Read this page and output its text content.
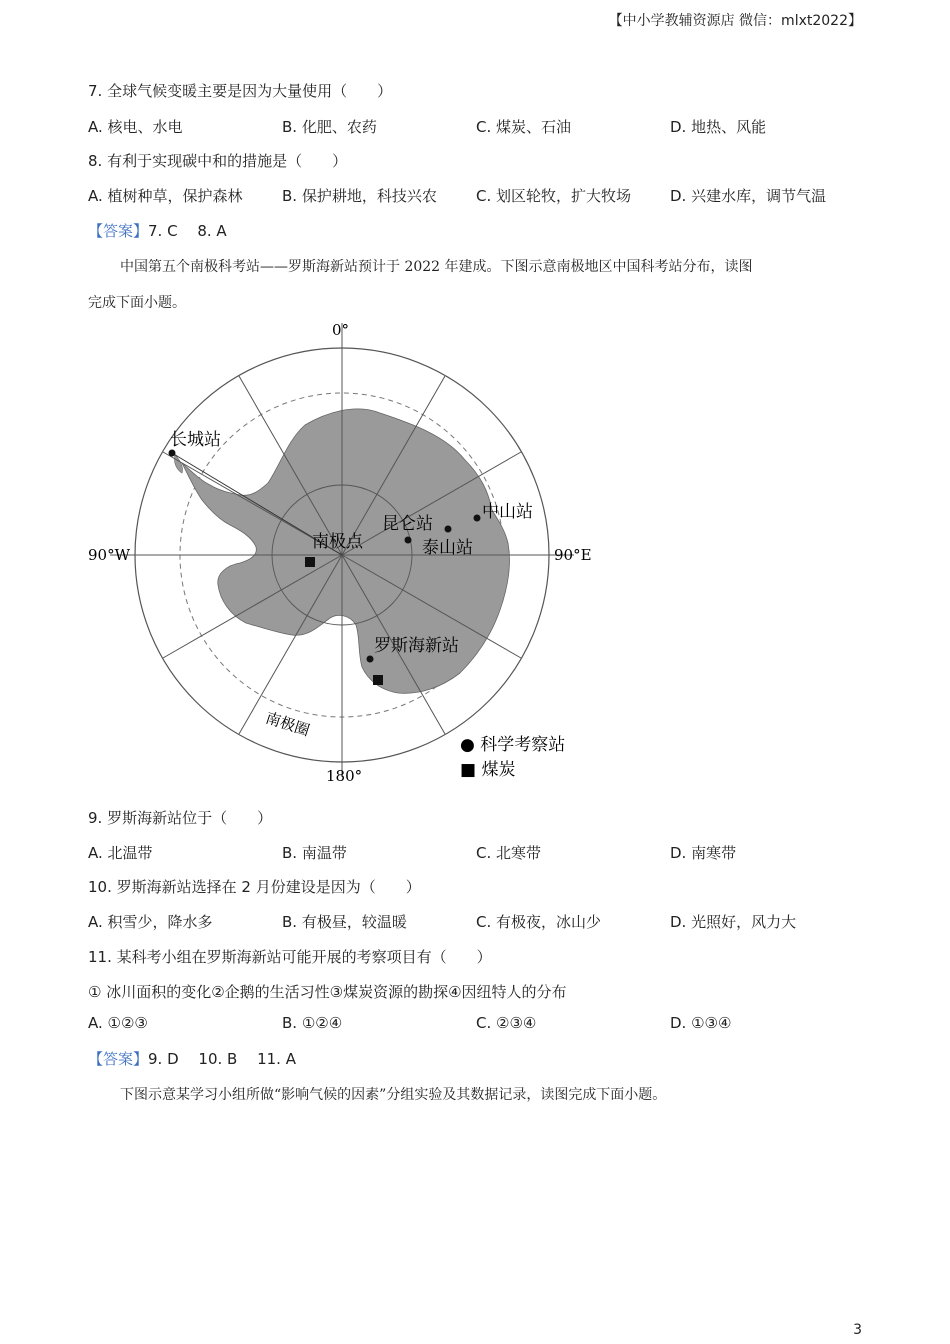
【中小学教辅资源店 微信：mlxt2022】
7. 全球气候变暖主要是因为大量使用（　　）
A. 核电、水电	B. 化肥、农药	C. 煤炭、石油	D. 地热、风能
8. 有利于实现碳中和的措施是（　　）
A. 植树种草，保护森林	B. 保护耕地，科技兴农	C. 划区轮牧，扩大牧场	D. 兴建水库，调节气温
【答案】7. C　 8. A
中国第五个南极科考站——罗斯海新站预计于 2022 年建成。下图示意南极地区中国科考站分布，读图
完成下面小题。
0°
90°W	90°E
180°
长城站
中山站
昆仑站
泰山站
南极点
罗斯海新站
南极圈
● 科学考察站
■ 煤炭
9. 罗斯海新站位于（　　）
A. 北温带	B. 南温带	C. 北寒带	D. 南寒带
10. 罗斯海新站选择在 2 月份建设是因为（　　）
A. 积雪少，降水多	B. 有极昼，较温暖	C. 有极夜，冰山少	D. 光照好，风力大
11. 某科考小组在罗斯海新站可能开展的考察项目有（　　）
① 冰川面积的变化②企鹅的生活习性③煤炭资源的勘探④因纽特人的分布
A. ①②③	B. ①②④	C. ②③④	D. ①③④
【答案】9. D　 10. B　 11. A
下图示意某学习小组所做“影响气候的因素”分组实验及其数据记录，读图完成下面小题。
3
